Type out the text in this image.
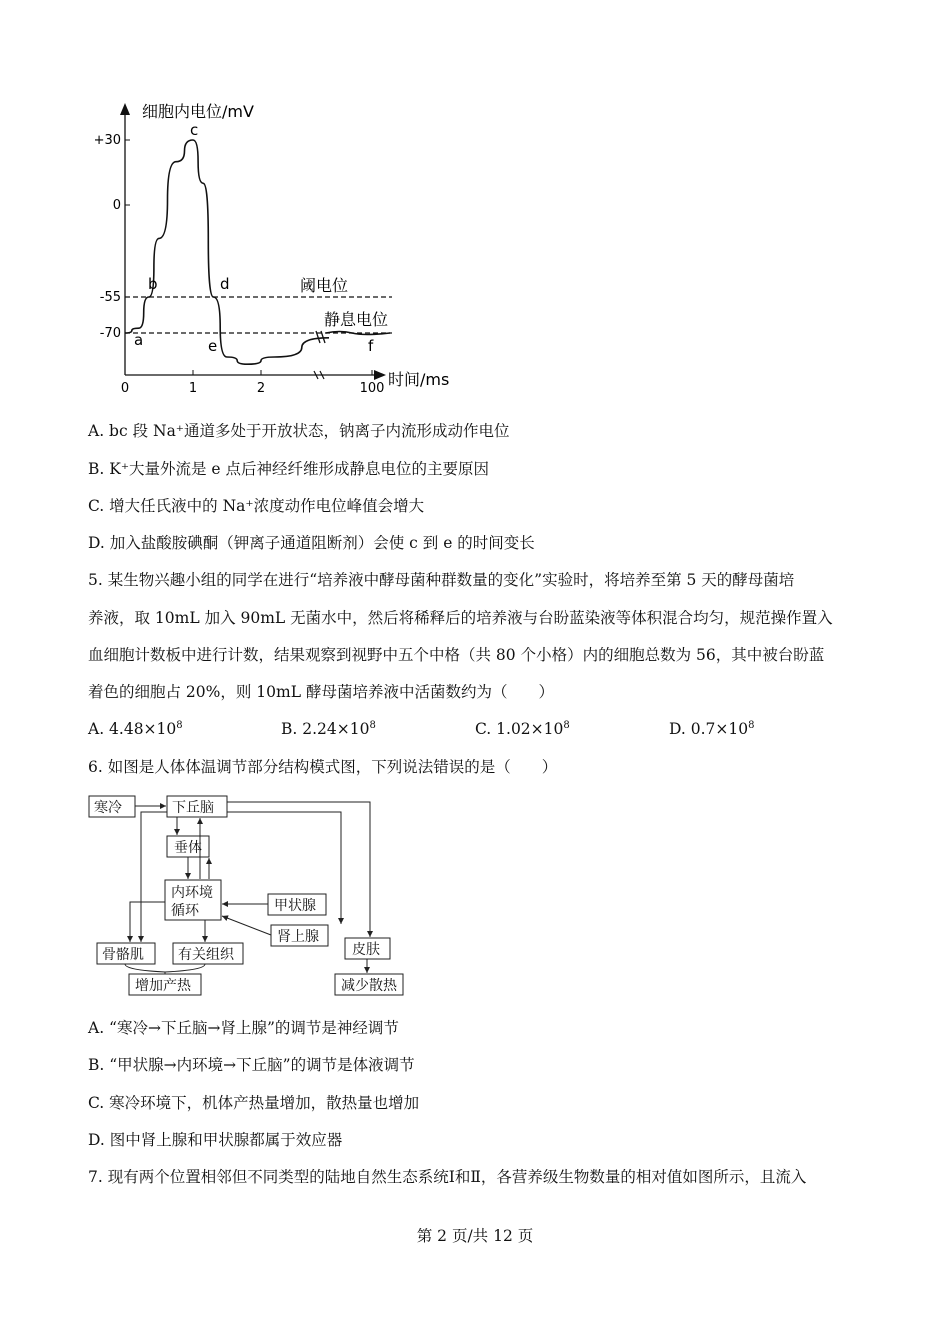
+30
0
-55
-70
0	1	2	100
细胞内电位/mV
时间/ms
阈电位
静息电位
a
b
c
d
e	f
A. bc 段 Na⁺通道多处于开放状态，钠离子内流形成动作电位
B. K⁺大量外流是 e 点后神经纤维形成静息电位的主要原因
C. 增大任氏液中的 Na⁺浓度动作电位峰值会增大
D. 加入盐酸胺碘酮（钾离子通道阻断剂）会使 c 到 e 的时间变长
5. 某生物兴趣小组的同学在进行“培养液中酵母菌种群数量的变化”实验时，将培养至第 5 天的酵母菌培
养液，取 10mL 加入 90mL 无菌水中，然后将稀释后的培养液与台盼蓝染液等体积混合均匀，规范操作置入
血细胞计数板中进行计数，结果观察到视野中五个中格（共 80 个小格）内的细胞总数为 56，其中被台盼蓝
着色的细胞占 20%，则 10mL 酵母菌培养液中活菌数约为（　　）
A. $4.48\times 10^8$	B. $2.24\times 10^8$	C. $1.02\times 10^8$	D. $0.7\times 10^8$
6. 如图是人体体温调节部分结构模式图，下列说法错误的是（　　）
寒冷	下丘脑
垂体
内环境
循环	甲状腺
肾上腺
骨骼肌 有关组织	皮肤
增加产热	减少散热
A. “寒冷→下丘脑→肾上腺”的调节是神经调节
B. “甲状腺→内环境→下丘脑”的调节是体液调节
C. 寒冷环境下，机体产热量增加，散热量也增加
D. 图中肾上腺和甲状腺都属于效应器
7. 现有两个位置相邻但不同类型的陆地自然生态系统Ⅰ和Ⅱ，各营养级生物数量的相对值如图所示，且流入
第 2 页/共 12 页
